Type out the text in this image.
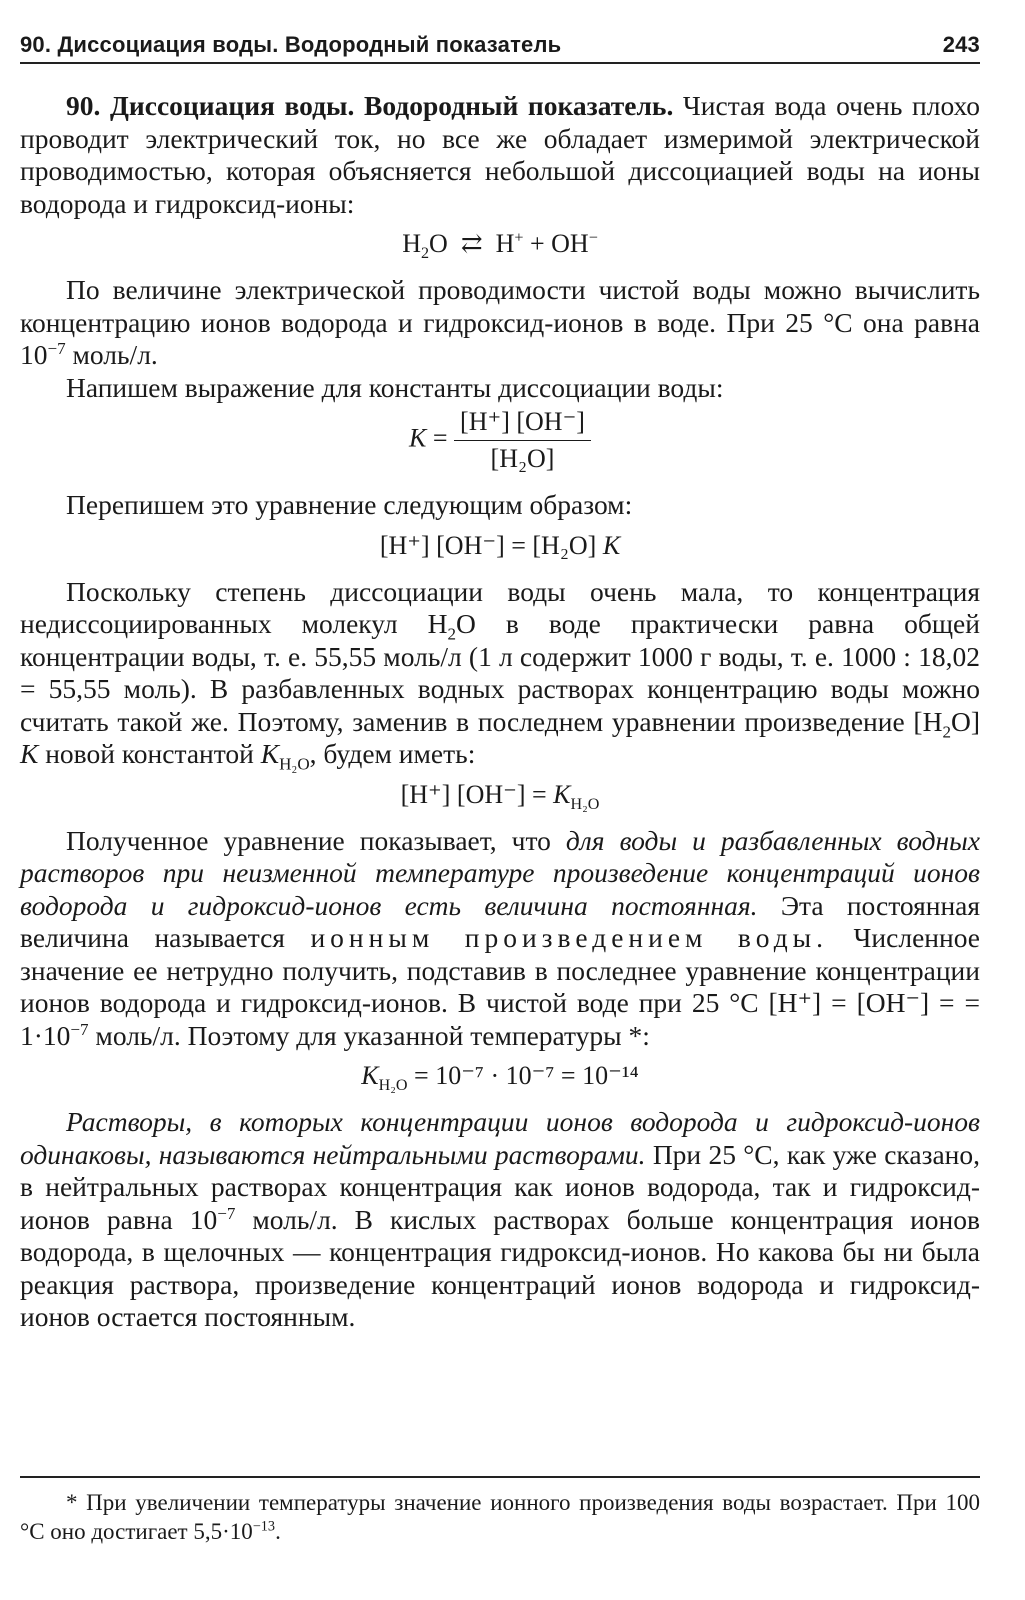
90. Диссоциация воды. Водородный показатель	243

90. Диссоциация воды. Водородный показатель. Чистая вода очень плохо проводит электрический ток, но все же обладает измеримой электрической проводимостью, которая объясняется небольшой диссоциацией воды на ионы водорода и гидроксид-ионы:

$H_2O$ ⇄ H+ + OH−

По величине электрической проводимости чистой воды можно вычислить концентрацию ионов водорода и гидроксид-ионов в воде. При 25 °С она равна $10^{-7}$ моль/л.

Напишем выражение для константы диссоциации воды:

$K = \frac{[H^+] [OH^-]}{\text{[H₂O]}}$

Перепишем это уравнение следующим образом:

[H⁺] [OH⁻] = [H₂O] K

Поскольку степень диссоциации воды очень мала, то концентрация недиссоциированных молекул $H_2O$ в воде практически равна общей концентрации воды, т. е. 55,55 моль/л (1 л содержит 1000 г воды, т. е. 1000 : 18,02 = 55,55 моль). В разбавленных водных растворах концентрацию воды можно считать такой же. Поэтому, заменив в последнем уравнении произведение $[H_2O]$ K новой константой $K_{H_2O}$, будем иметь:

[H⁺] $[OH^-] = K_{H_2O}$

Полученное уравнение показывает, что для воды и разбавленных водных растворов при неизменной температуре произведение концентраций ионов водорода и гидроксид-ионов есть величина постоянная. Эта постоянная величина называется ионным произведением воды. Численное значение ее нетрудно получить, подставив в последнее уравнение концентрации ионов водорода и гидроксид-ионов. В чистой воде при 25 °С [H⁺] = [OH⁻] = = $1\cdot 10^{-7}$ моль/л. Поэтому для указанной температуры *:

$K_{H_2O} = 10^{-7} \cdot 10^{-7} = 10^{-14}$

Растворы, в которых концентрации ионов водорода и гидроксид-ионов одинаковы, называются нейтральными растворами. При 25 °С, как уже сказано, в нейтральных растворах концентрация как ионов водорода, так и гидроксид-ионов равна $10^{-7}$ моль/л. В кислых растворах больше концентрация ионов водорода, в щелочных — концентрация гидроксид-ионов. Но какова бы ни была реакция раствора, произведение концентраций ионов водорода и гидроксид-ионов остается постоянным.

* При увеличении температуры значение ионного произведения воды возрастает. При 100 °С оно достигает $5,5\cdot 10^{-13}$.
